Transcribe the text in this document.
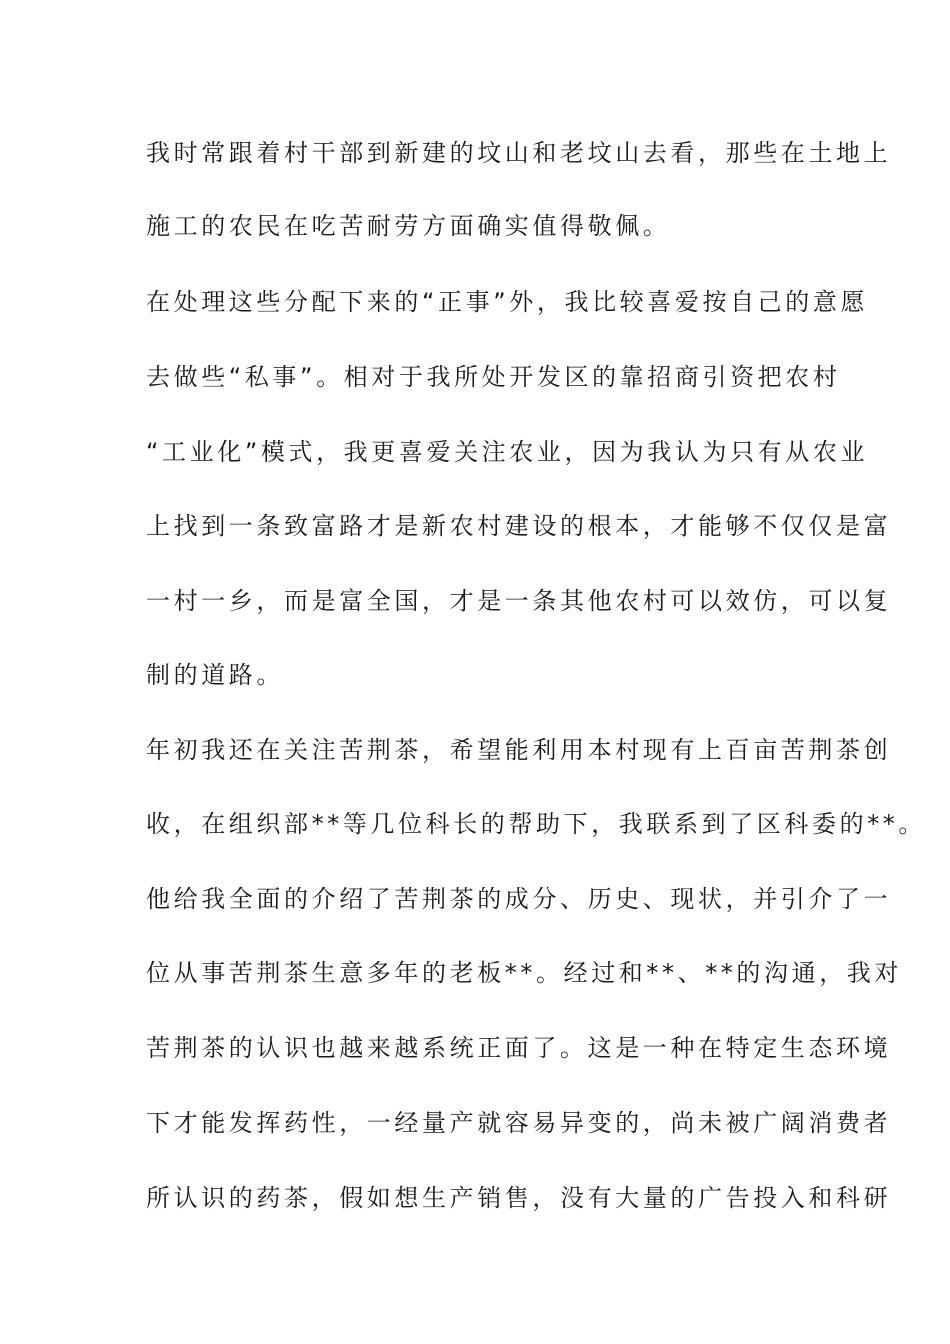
我时常跟着村干部到新建的坟山和老坟山去看，那些在土地上
施工的农民在吃苦耐劳方面确实值得敬佩。
在处理这些分配下来的“正事”外，我比较喜爱按自己的意愿
去做些“私事”。相对于我所处开发区的靠招商引资把农村
“工业化”模式，我更喜爱关注农业，因为我认为只有从农业
上找到一条致富路才是新农村建设的根本，才能够不仅仅是富
一村一乡，而是富全国，才是一条其他农村可以效仿，可以复
制的道路。
年初我还在关注苦荆茶，希望能利用本村现有上百亩苦荆茶创
收，在组织部**等几位科长的帮助下，我联系到了区科委的**。
他给我全面的介绍了苦荆茶的成分、历史、现状，并引介了一
位从事苦荆茶生意多年的老板**。经过和**、**的沟通，我对
苦荆茶的认识也越来越系统正面了。这是一种在特定生态环境
下才能发挥药性，一经量产就容易异变的，尚未被广阔消费者
所认识的药茶，假如想生产销售，没有大量的广告投入和科研
